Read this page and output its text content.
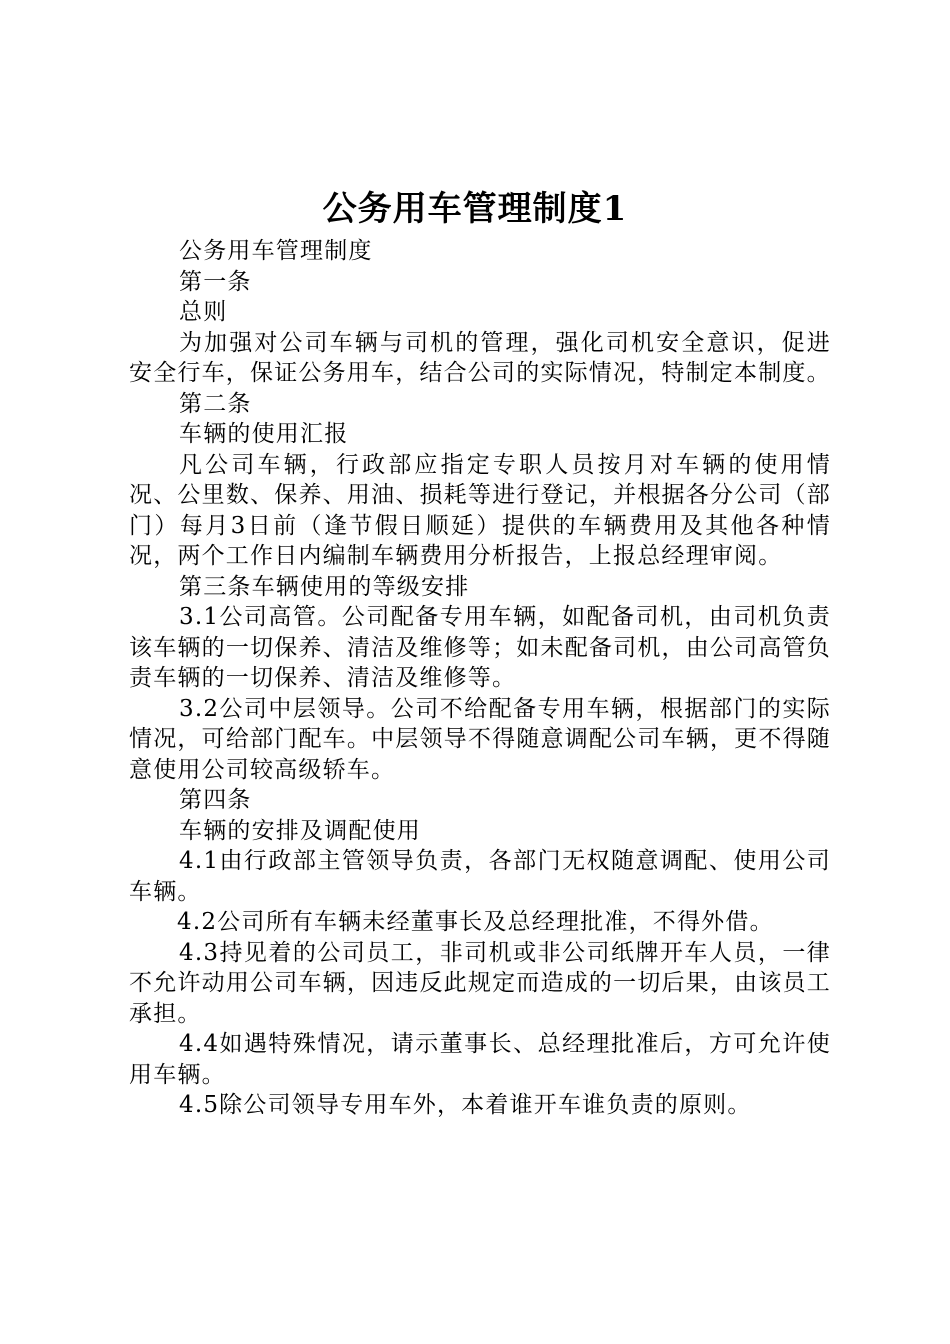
公务用车管理制度1

公务用车管理制度

第一条

总则

为加强对公司车辆与司机的管理，强化司机安全意识，促进安全行车，保证公务用车，结合公司的实际情况，特制定本制度。

第二条

车辆的使用汇报

凡公司车辆，行政部应指定专职人员按月对车辆的使用情况、公里数、保养、用油、损耗等进行登记，并根据各分公司（部门）每月3日前（逢节假日顺延）提供的车辆费用及其他各种情况，两个工作日内编制车辆费用分析报告，上报总经理审阅。

第三条车辆使用的等级安排

3.1公司高管。公司配备专用车辆，如配备司机，由司机负责该车辆的一切保养、清洁及维修等；如未配备司机，由公司高管负责车辆的一切保养、清洁及维修等。

3.2公司中层领导。公司不给配备专用车辆，根据部门的实际情况，可给部门配车。中层领导不得随意调配公司车辆，更不得随意使用公司较高级轿车。

第四条

车辆的安排及调配使用

4.1由行政部主管领导负责，各部门无权随意调配、使用公司车辆。

4.2公司所有车辆未经董事长及总经理批准，不得外借。

4.3持见着的公司员工，非司机或非公司纸牌开车人员，一律不允许动用公司车辆，因违反此规定而造成的一切后果，由该员工承担。

4.4如遇特殊情况，请示董事长、总经理批准后，方可允许使用车辆。

4.5除公司领导专用车外，本着谁开车谁负责的原则。
